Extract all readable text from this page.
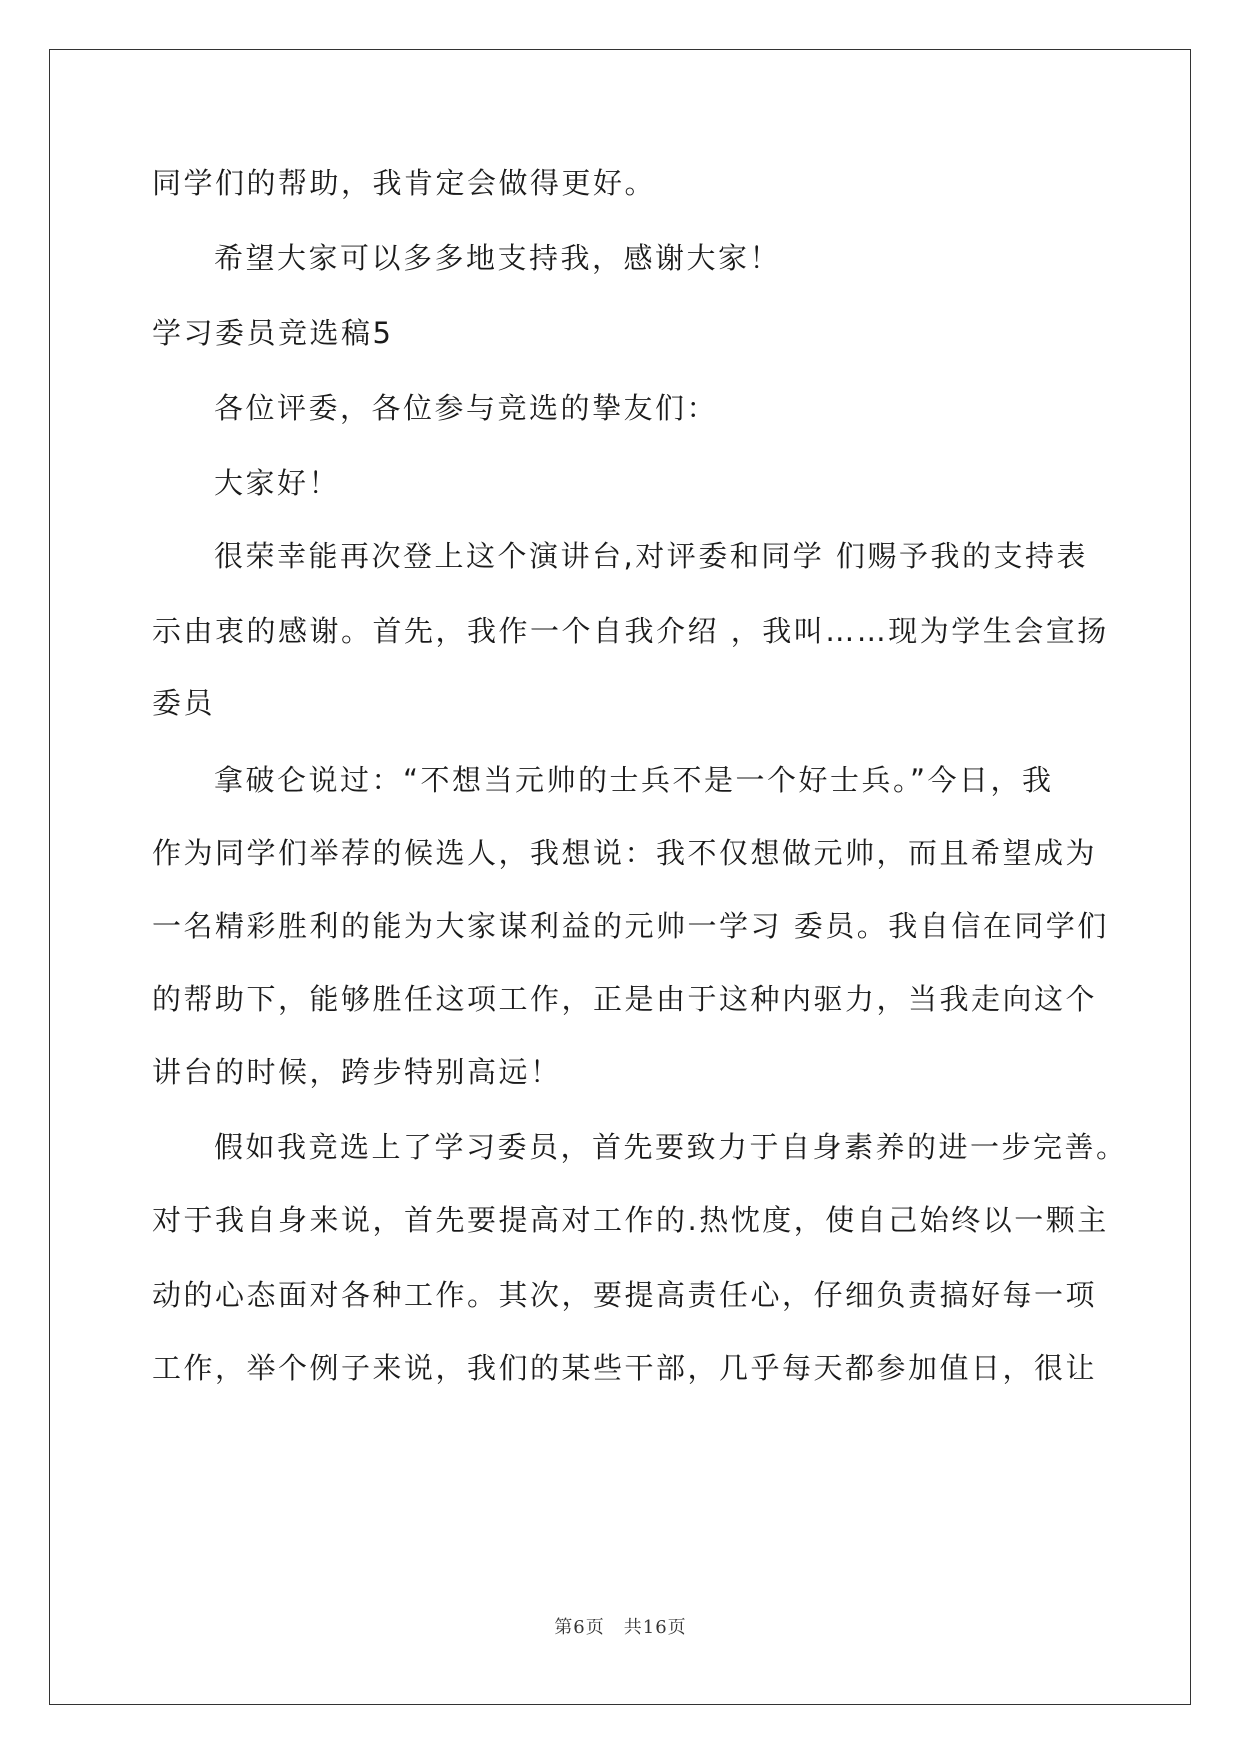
同学们的帮助，我肯定会做得更好。
希望大家可以多多地支持我，感谢大家！
学习委员竞选稿5
各位评委，各位参与竞选的挚友们：
大家好！
很荣幸能再次登上这个演讲台,对评委和同学 们赐予我的支持表
示由衷的感谢。首先，我作一个自我介绍 ，我叫……现为学生会宣扬
委员
拿破仑说过：“不想当元帅的士兵不是一个好士兵。”今日，我
作为同学们举荐的候选人，我想说：我不仅想做元帅，而且希望成为
一名精彩胜利的能为大家谋利益的元帅一学习 委员。我自信在同学们
的帮助下，能够胜任这项工作，正是由于这种内驱力，当我走向这个
讲台的时候，跨步特别高远！
假如我竞选上了学习委员，首先要致力于自身素养的进一步完善。
对于我自身来说，首先要提高对工作的.热忱度，使自己始终以一颗主
动的心态面对各种工作。其次，要提高责任心，仔细负责搞好每一项
工作，举个例子来说，我们的某些干部，几乎每天都参加值日，很让
第6页　共16页
